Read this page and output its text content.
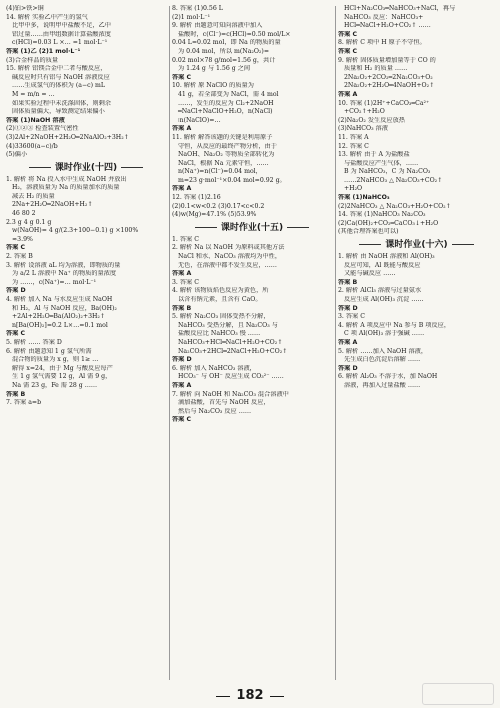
(4)铂>铁>铜
14. 解析 实验乙中产生的氢气
比甲中多，说明甲中盐酸不足，乙中
铝过量……由甲组数据计算盐酸浓度
c(HCl)=0.03 L ×… =1 mol·L⁻¹
答案 (1)乙 (2)1 mol·L⁻¹
(3)合金样品的质量
15. 解析 铝镁合金中二者与酸反应，
碱反应时只有铝与 NaOH 溶液反应
……生成氢气的体积为 (a−c) mL
M = m/n = …
如果实验过程中未洗涤固体，则剩余
固体质量偏大，导致测定结果偏小
答案 (1)NaOH 溶液
(2)①②③ 检查装置气密性
(3)2Al+2NaOH+2H₂O═2NaAlO₂+3H₂↑
(4)33600(a−c)/b
(5)偏小
课时作业(十四)
1. 解析 将 Na 投入水中生成 NaOH 并放出
H₂，溶液质量为 Na 的质量加水的质量
减去 H₂ 的质量
2Na+2H₂O═2NaOH+H₂↑
46 80 2
2.3 g 4 g 0.1 g
w(NaOH)= 4 g/(2.3+100−0.1) g ×100%
≈3.9%
答案 C
2. 答案 B
3. 解析 设溶液 aL 均为溶液，即物质的量
为 a/2 L 溶液中 Na⁺ 的物质的量浓度
为 ……，c(Na⁺)=… mol·L⁻¹
答案 D
4. 解析 加入 Na 与水反应生成 NaOH
和 H₂，Al 与 NaOH 反应，Ba(OH)₂
+2Al+2H₂O═Ba(AlO₂)₂+3H₂↑
n[Ba(OH)₂]=0.2 L×…=0.1 mol
答案 C
5. 解析 …… 答案 D
6. 解析 由题意知 1 g 氢气所需
混合物的质量为 x g，则 1≥ …
解得 x=24，由于 Mg 与酸反应每产
生 1 g 氢气需要 12 g，Al 需 9 g，
Na 需 23 g，Fe 需 28 g ……
答案 B
7. 答案 a=b
8. 答案 (1)0.56 L
(2)1 mol·L⁻¹
9. 解析 由题意可知向溶液中加入
盐酸时，c(Cl⁻)=c(HCl)=0.50 mol/L×
0.04 L=0.02 mol，即 Na 的物质的量
为 0.04 mol，所以 m(Na₂O₂)=
0.02 mol×78 g/mol=1.56 g，共计
为 1.24 g 与 1.56 g 之间
答案 C
10. 解析 原 NaClO 的质量为
41 g，若全部变为 NaCl，需 4 mol
……，发生的反应为 Cl₂+2NaOH
═NaCl+NaClO+H₂O，n(NaCl)
∶n(NaClO)=…
答案 A
11. 解析 解答该题的关键是利用原子
守恒，从反应的最终产物分析，由于
NaOH、Na₂O₂ 等物质全部转化为
NaCl，根据 Na 元素守恒，……
n(Na⁺)=n(Cl⁻)=0.04 mol，
m=23 g·mol⁻¹×0.04 mol=0.92 g。
答案 A
12. 答案 (1)2.16
(2)0.1<w<0.2 (3)0.17<c<0.2
(4)w(Mg)=47.1% (5)53.9%
课时作业(十五)
1. 答案 C
2. 解析 Na 以 NaOH 为原料或其他方法
NaCl 和水、NaCO₃ 溶液均为中性，
无色，在溶液中都不发生反应，……
答案 A
3. 答案 C
4. 解析 该物质焰色反应为黄色，所
以含有钠元素，且含有 CaO。
答案 B
5. 解析 Na₂CO₃ 固体受热不分解，
NaHCO₃ 受热分解，且 Na₂CO₃ 与
盐酸反应比 NaHCO₃ 慢 ……
NaHCO₃+HCl═NaCl+H₂O+CO₂↑
Na₂CO₃+2HCl═2NaCl+H₂O+CO₂↑
答案 D
6. 解析 加入 NaHCO₃ 溶液，
HCO₃⁻ 与 OH⁻ 反应生成 CO₃²⁻ ……
答案 A
7. 解析 向 NaOH 和 Na₂CO₃ 混合溶液中
滴加盐酸，首先与 NaOH 反应，
然后与 Na₂CO₃ 反应 ……
答案 C
HCl+Na₂CO₃═NaHCO₃+NaCl，再与
NaHCO₃ 反应：NaHCO₃+
HCl═NaCl+H₂O+CO₂↑ ……
答案 C
8. 解析 C 项中 H 原子不守恒。
答案 C
9. 解析 固体质量增加量等于 CO 的
质量和 H₂ 的质量 ……
2Na₂O₂+2CO₂═2Na₂CO₃+O₂
2Na₂O₂+2H₂O═4NaOH+O₂↑
答案 A
10. 答案 (1)2H⁺+CaCO₃═Ca²⁺
+CO₂↑+H₂O
(2)Na₂O₂ 发生反应放热
(3)NaHCO₃ 溶液
11. 答案 A
12. 答案 C
13. 解析 由于 A 为盐酸盐
与盐酸反应产生气体，……
B 为 NaHCO₃，C 为 Na₂CO₃
……2NaHCO₃ △ Na₂CO₃+CO₂↑
+H₂O
答案 (1)NaHCO₃
(2)2NaHCO₃ △ Na₂CO₃+H₂O+CO₂↑
14. 答案 (1)NaHCO₃ Na₂CO₃
(2)Ca(OH)₂+CO₂═CaCO₃↓+H₂O
(其他合理答案也可以)
课时作业(十六)
1. 解析 由 NaOH 溶液和 Al(OH)₃
反应可知，Al 既能与酸反应
又能与碱反应 ……
答案 B
2. 解析 AlCl₃ 溶液与过量氨水
反应生成 Al(OH)₃ 沉淀 ……
答案 D
3. 答案 C
4. 解析 A 项反应中 Na 参与 B 项反应，
C 项 Al(OH)₃ 溶于强碱 ……
答案 A
5. 解析 ……加入 NaOH 溶液，
先生成白色沉淀后溶解 ……
答案 D
6. 解析 Al₂O₃ 不溶于水，加 NaOH
溶液，再加入过量盐酸 ……
182
